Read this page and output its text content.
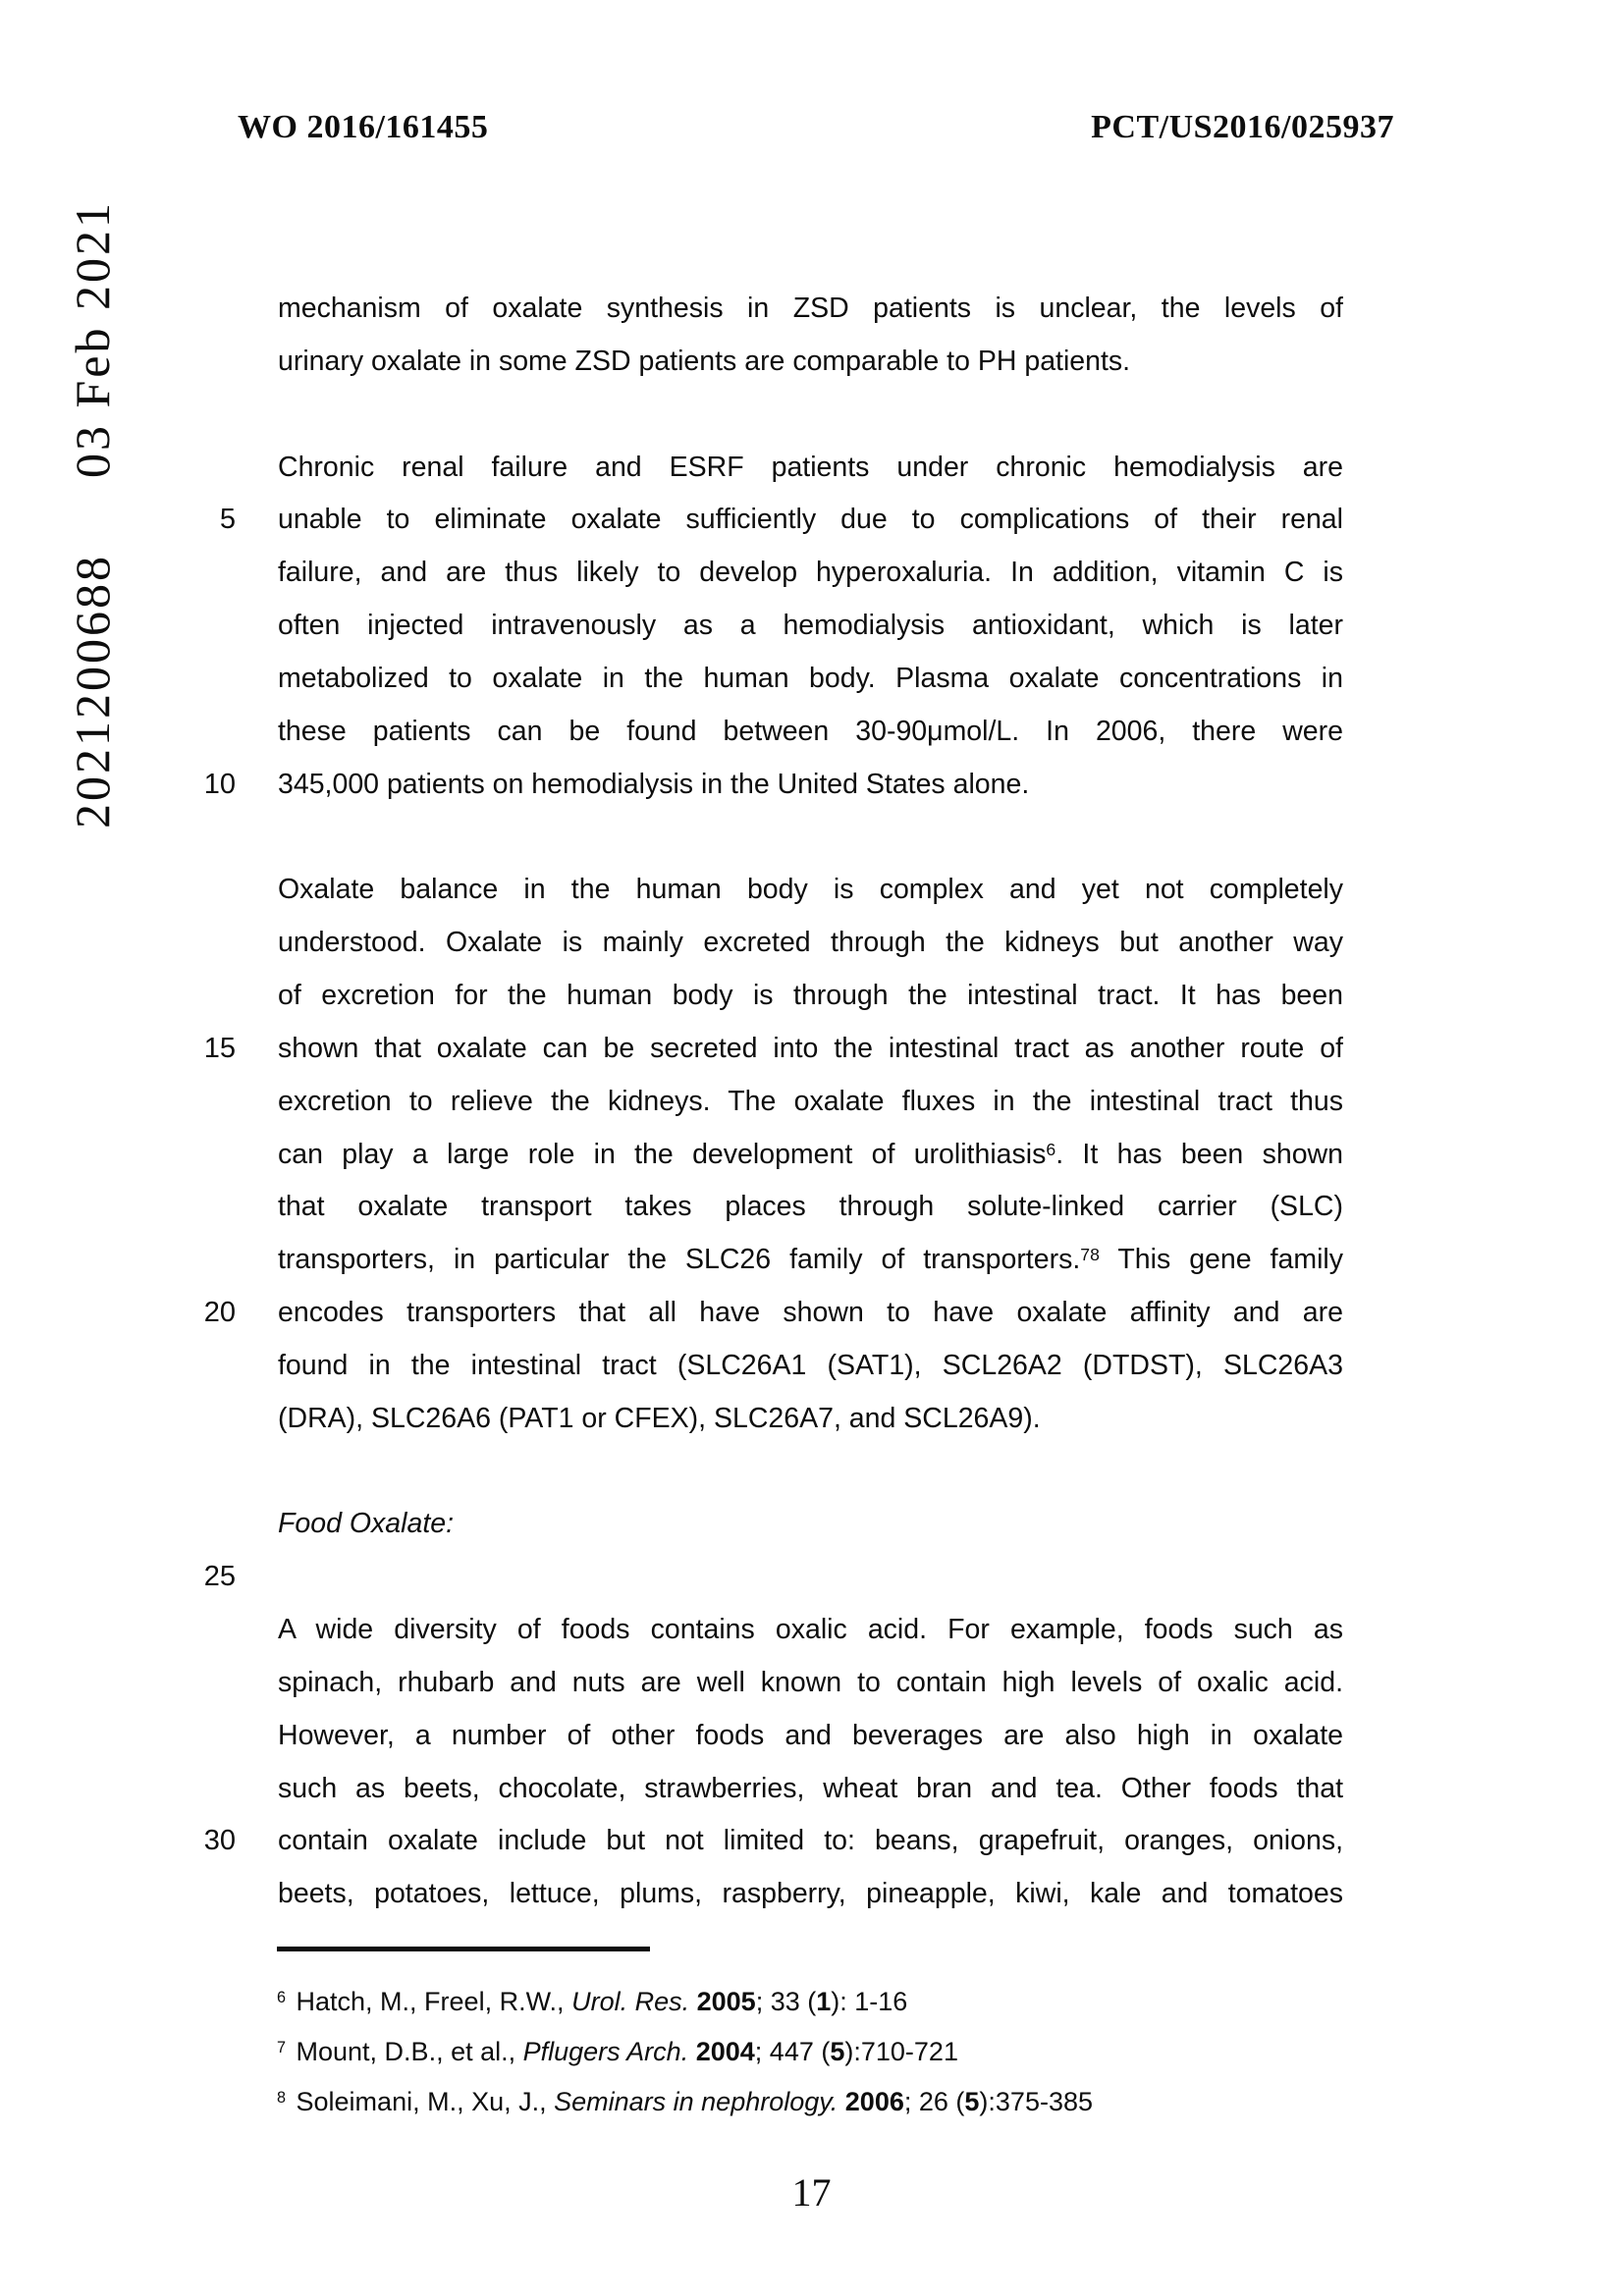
WO 2016/161455	PCT/US2016/025937
2021200688
03 Feb 2021	mechanism of oxalate synthesis in ZSD patients is unclear, the levels of
urinary oxalate in some ZSD patients are comparable to PH patients.
Chronic renal failure and ESRF patients under chronic hemodialysis are
5 unable to eliminate oxalate sufficiently due to complications of their renal
failure, and are thus likely to develop hyperoxaluria. In addition, vitamin C is
often injected intravenously as a hemodialysis antioxidant, which is later
metabolized to oxalate in the human body. Plasma oxalate concentrations in
these patients can be found between 30-90μmol/L. In 2006, there were
10 345,000 patients on hemodialysis in the United States alone.
Oxalate balance in the human body is complex and yet not completely
understood. Oxalate is mainly excreted through the kidneys but another way
of excretion for the human body is through the intestinal tract. It has been
15 shown that oxalate can be secreted into the intestinal tract as another route of
excretion to relieve the kidneys. The oxalate fluxes in the intestinal tract thus
can play a large role in the development of urolithiasis$^6$. It has been shown
that oxalate transport takes places through solute-linked carrier (SLC)
transporters, in particular the SLC26 family of transporters.$^{78}$ This gene family
20 encodes transporters that all have shown to have oxalate affinity and are
found in the intestinal tract (SLC26A1 (SAT1), SCL26A2 (DTDST), SLC26A3
(DRA), SLC26A6 (PAT1 or CFEX), SLC26A7, and SCL26A9).
Food Oxalate:
25
A wide diversity of foods contains oxalic acid. For example, foods such as
spinach, rhubarb and nuts are well known to contain high levels of oxalic acid.
However, a number of other foods and beverages are also high in oxalate
such as beets, chocolate, strawberries, wheat bran and tea. Other foods that
30 contain oxalate include but not limited to: beans, grapefruit, oranges, onions,
beets, potatoes, lettuce, plums, raspberry, pineapple, kiwi, kale and tomatoes
$^6$ Hatch, M., Freel, R.W., Urol. Res. 2005; 33 (1): 1-16
$^7$ Mount, D.B., et al., Pflugers Arch. 2004; 447 (5):710-721
$^8$ Soleimani, M., Xu, J., Seminars in nephrology. 2006; 26 (5):375-385
17
